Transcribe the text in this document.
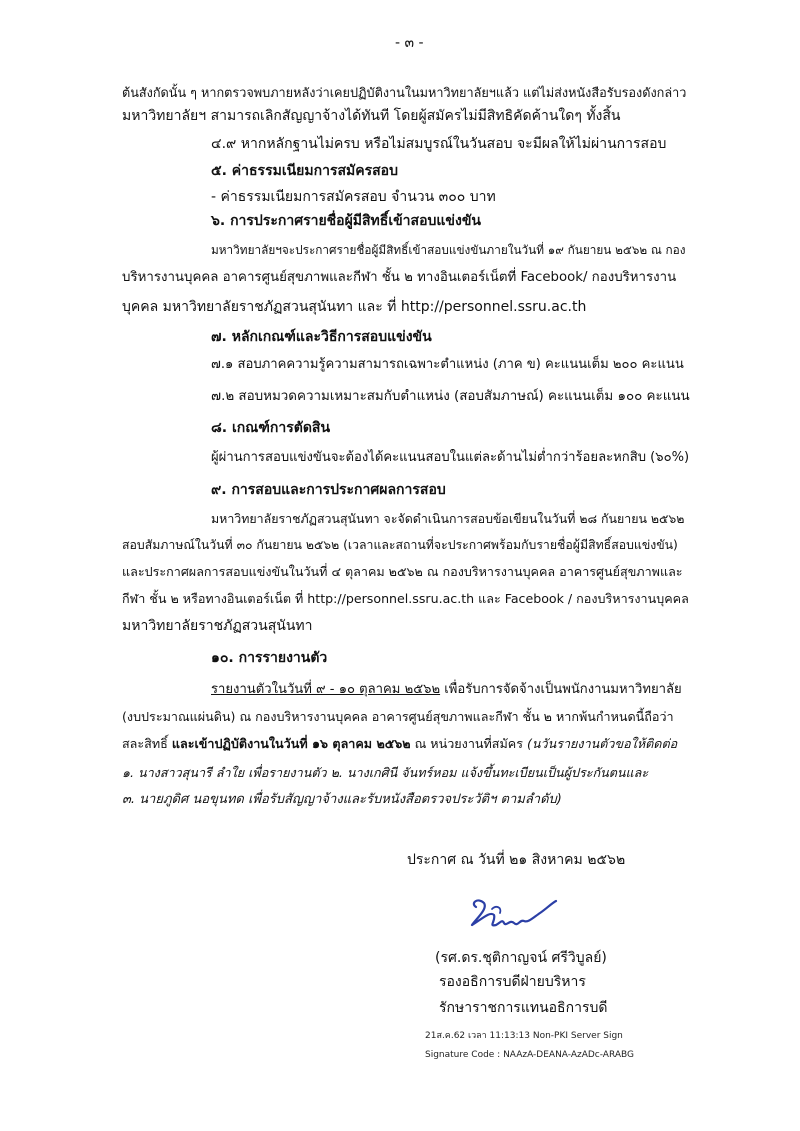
- ๓ -
ต้นสังกัดนั้น ๆ หากตรวจพบภายหลังว่าเคยปฏิบัติงานในมหาวิทยาลัยฯแล้ว แต่ไม่ส่งหนังสือรับรองดังกล่าว
มหาวิทยาลัยฯ สามารถเลิกสัญญาจ้างได้ทันที โดยผู้สมัครไม่มีสิทธิคัดค้านใดๆ ทั้งสิ้น
๔.๙ หากหลักฐานไม่ครบ หรือไม่สมบูรณ์ในวันสอบ จะมีผลให้ไม่ผ่านการสอบ
๕. ค่าธรรมเนียมการสมัครสอบ
- ค่าธรรมเนียมการสมัครสอบ จำนวน ๓๐๐ บาท
๖. การประกาศรายชื่อผู้มีสิทธิ์เข้าสอบแข่งขัน
มหาวิทยาลัยฯจะประกาศรายชื่อผู้มีสิทธิ์เข้าสอบแข่งขันภายในวันที่ ๑๙ กันยายน ๒๕๖๒ ณ กอง
บริหารงานบุคคล อาคารศูนย์สุขภาพและกีฬา ชั้น ๒ ทางอินเตอร์เน็ตที่ Facebook/ กองบริหารงาน
บุคคล มหาวิทยาลัยราชภัฏสวนสุนันทา และ ที่ http://personnel.ssru.ac.th
๗. หลักเกณฑ์และวิธีการสอบแข่งขัน
๗.๑ สอบภาคความรู้ความสามารถเฉพาะตำแหน่ง (ภาค ข) คะแนนเต็ม ๒๐๐ คะแนน
๗.๒ สอบหมวดความเหมาะสมกับตำแหน่ง (สอบสัมภาษณ์) คะแนนเต็ม ๑๐๐ คะแนน
๘. เกณฑ์การตัดสิน
ผู้ผ่านการสอบแข่งขันจะต้องได้คะแนนสอบในแต่ละด้านไม่ต่ำกว่าร้อยละหกสิบ (๖๐%)
๙. การสอบและการประกาศผลการสอบ
มหาวิทยาลัยราชภัฏสวนสุนันทา จะจัดดำเนินการสอบข้อเขียนในวันที่ ๒๘ กันยายน ๒๕๖๒
สอบสัมภาษณ์ในวันที่ ๓๐ กันยายน ๒๕๖๒ (เวลาและสถานที่จะประกาศพร้อมกับรายชื่อผู้มีสิทธิ์สอบแข่งขัน)
และประกาศผลการสอบแข่งขันในวันที่ ๔ ตุลาคม ๒๕๖๒ ณ กองบริหารงานบุคคล อาคารศูนย์สุขภาพและ
กีฬา ชั้น ๒ หรือทางอินเตอร์เน็ต ที่ http://personnel.ssru.ac.th และ Facebook / กองบริหารงานบุคคล
มหาวิทยาลัยราชภัฏสวนสุนันทา
๑๐. การรายงานตัว
รายงานตัวในวันที่ ๙ - ๑๐ ตุลาคม ๒๕๖๒ เพื่อรับการจัดจ้างเป็นพนักงานมหาวิทยาลัย
(งบประมาณแผ่นดิน) ณ กองบริหารงานบุคคล อาคารศูนย์สุขภาพและกีฬา ชั้น ๒ หากพ้นกำหนดนี้ถือว่า
สละสิทธิ์ และเข้าปฏิบัติงานในวันที่ ๑๖ ตุลาคม ๒๕๖๒ ณ หน่วยงานที่สมัคร (นวันรายงานตัวขอให้ติดต่อ
๑. นางสาวสุนารี ลำใย เพื่อรายงานตัว ๒. นางเกศินี จันทร์หอม แจ้งขึ้นทะเบียนเป็นผู้ประกันตนและ
๓. นายภูดิศ นอขุนทด เพื่อรับสัญญาจ้างและรับหนังสือตรวจประวัติฯ ตามลำดับ)
ประกาศ ณ วันที่ ๒๑ สิงหาคม ๒๕๖๒
(รศ.ดร.ชุติกาญจน์ ศรีวิบูลย์)
รองอธิการบดีฝ่ายบริหาร
รักษาราชการแทนอธิการบดี
21ส.ค.62 เวลา 11:13:13 Non-PKI Server Sign
Signature Code : NAAzA-DEANA-AzADc-ARABG
